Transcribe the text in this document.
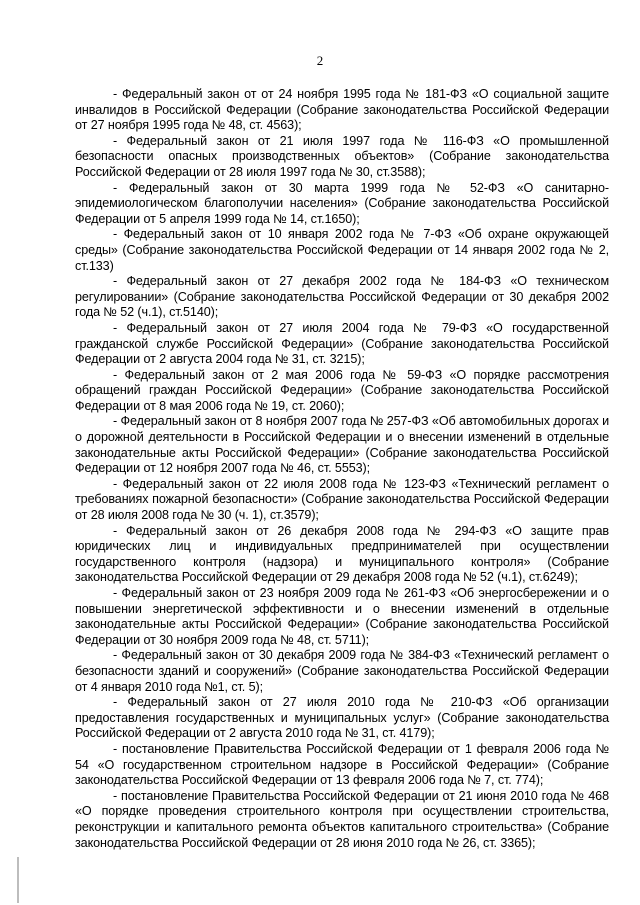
2

- Федеральный закон от от 24 ноября 1995 года № 181-ФЗ «О социальной защите инвалидов в Российской Федерации (Собрание законодательства Российской Федерации от 27 ноября 1995 года № 48, ст. 4563);

- Федеральный закон от 21 июля 1997 года № 116-ФЗ «О промышленной безопасности опасных производственных объектов» (Собрание законодательства Российской Федерации от 28 июля 1997 года № 30, ст.3588);

- Федеральный закон от 30 марта 1999 года № 52-ФЗ «О санитарно-эпидемиологическом благополучии населения» (Собрание законодательства Российской Федерации от 5 апреля 1999 года № 14, ст.1650);

- Федеральный закон от 10 января 2002 года № 7-ФЗ «Об охране окружающей среды» (Собрание законодательства Российской Федерации от 14 января 2002 года № 2, ст.133)

- Федеральный закон от 27 декабря 2002 года № 184-ФЗ «О техническом регулировании» (Собрание законодательства Российской Федерации от 30 декабря 2002 года № 52 (ч.1), ст.5140);

- Федеральный закон от 27 июля 2004 года № 79-ФЗ «О государственной гражданской службе Российской Федерации» (Собрание законодательства Российской Федерации от 2 августа 2004 года № 31, ст. 3215);

- Федеральный закон от 2 мая 2006 года № 59-ФЗ «О порядке рассмотрения обращений граждан Российской Федерации» (Собрание законодательства Российской Федерации от 8 мая 2006 года № 19, ст. 2060);

- Федеральный закон от 8 ноября 2007 года № 257-ФЗ «Об автомобильных дорогах и о дорожной деятельности в Российской Федерации и о внесении изменений в отдельные законодательные акты Российской Федерации» (Собрание законодательства Российской Федерации от 12 ноября 2007 года № 46, ст. 5553);

- Федеральный закон от 22 июля 2008 года № 123-ФЗ «Технический регламент о требованиях пожарной безопасности» (Собрание законодательства Российской Федерации от 28 июля 2008 года № 30 (ч. 1), ст.3579);

- Федеральный закон от 26 декабря 2008 года № 294-ФЗ «О защите прав юридических лиц и индивидуальных предпринимателей при осуществлении государственного контроля (надзора) и муниципального контроля» (Собрание законодательства Российской Федерации от 29 декабря 2008 года № 52 (ч.1), ст.6249);

- Федеральный закон от 23 ноября 2009 года № 261-ФЗ «Об энергосбережении и о повышении энергетической эффективности и о внесении изменений в отдельные законодательные акты Российской Федерации» (Собрание законодательства Российской Федерации от 30 ноября 2009 года № 48, ст. 5711);

- Федеральный закон от 30 декабря 2009 года № 384-ФЗ «Технический регламент о безопасности зданий и сооружений» (Собрание законодательства Российской Федерации от 4 января 2010 года №1, ст. 5);

- Федеральный закон от 27 июля 2010 года № 210-ФЗ «Об организации предоставления государственных и муниципальных услуг» (Собрание законодательства Российской Федерации от 2 августа 2010 года № 31, ст. 4179);

- постановление Правительства Российской Федерации от 1 февраля 2006 года № 54 «О государственном строительном надзоре в Российской Федерации» (Собрание законодательства Российской Федерации от 13 февраля 2006 года № 7, ст. 774);

- постановление Правительства Российской Федерации от 21 июня 2010 года № 468 «О порядке проведения строительного контроля при осуществлении строительства, реконструкции и капитального ремонта объектов капитального строительства» (Собрание законодательства Российской Федерации от 28 июня 2010 года № 26, ст. 3365);
